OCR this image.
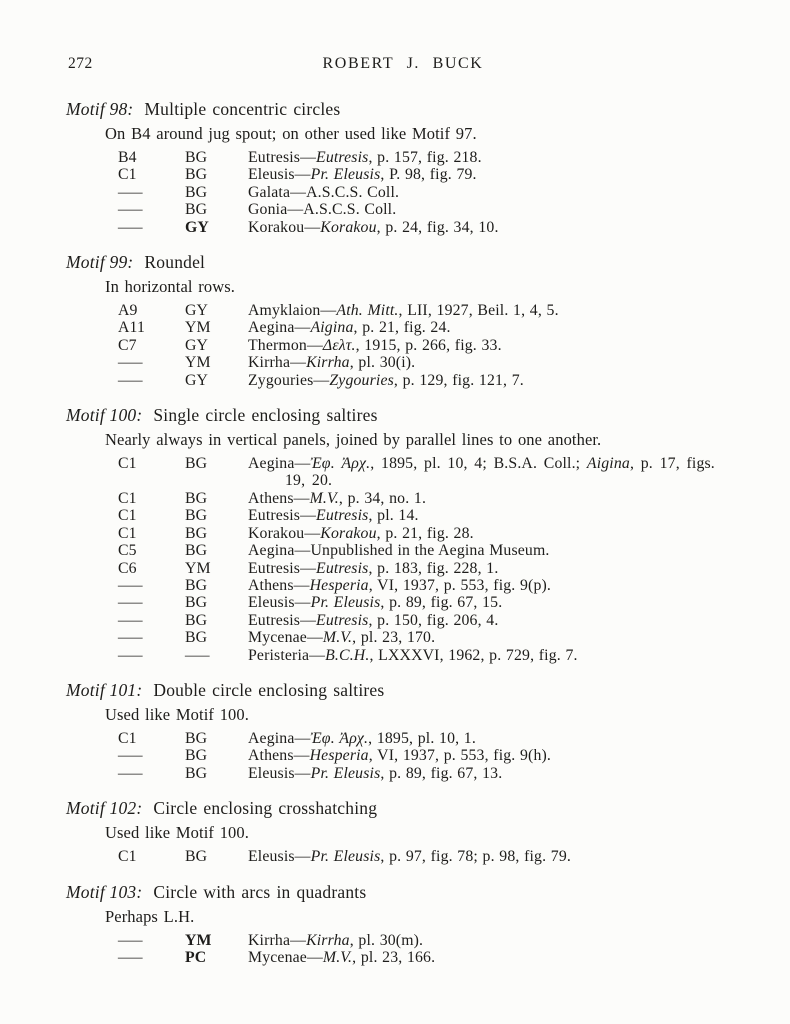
272	ROBERT J. BUCK
Motif 98: Multiple concentric circles
On B4 around jug spout; on other used like Motif 97.
B4	BG	Eutresis—Eutresis, p. 157, fig. 218.
C1	BG	Eleusis—Pr. Eleusis, P. 98, fig. 79.
—	BG	Galata—A.S.C.S. Coll.
—	BG	Gonia—A.S.C.S. Coll.
—	GY	Korakou—Korakou, p. 24, fig. 34, 10.
Motif 99: Roundel
In horizontal rows.
A9	GY	Amyklaion—Ath. Mitt., LII, 1927, Beil. 1, 4, 5.
A11	YM	Aegina—Aigina, p. 21, fig. 24.
C7	GY	Thermon—Δελτ., 1915, p. 266, fig. 33.
—	YM	Kirrha—Kirrha, pl. 30(i).
—	GY	Zygouries—Zygouries, p. 129, fig. 121, 7.
Motif 100: Single circle enclosing saltires
Nearly always in vertical panels, joined by parallel lines to one another.
C1	BG	Aegina—Ἐφ. Ἀρχ., 1895, pl. 10, 4; B.S.A. Coll.; Aigina, p. 17, figs.
19, 20.
C1	BG	Athens—M.V., p. 34, no. 1.
C1	BG	Eutresis—Eutresis, pl. 14.
C1	BG	Korakou—Korakou, p. 21, fig. 28.
C5	BG	Aegina—Unpublished in the Aegina Museum.
C6	YM	Eutresis—Eutresis, p. 183, fig. 228, 1.
—	BG	Athens—Hesperia, VI, 1937, p. 553, fig. 9(p).
—	BG	Eleusis—Pr. Eleusis, p. 89, fig. 67, 15.
—	BG	Eutresis—Eutresis, p. 150, fig. 206, 4.
—	BG	Mycenae—M.V., pl. 23, 170.
—	—	Peristeria—B.C.H., LXXXVI, 1962, p. 729, fig. 7.
Motif 101: Double circle enclosing saltires
Used like Motif 100.
C1	BG	Aegina—Ἐφ. Ἀρχ., 1895, pl. 10, 1.
—	BG	Athens—Hesperia, VI, 1937, p. 553, fig. 9(h).
—	BG	Eleusis—Pr. Eleusis, p. 89, fig. 67, 13.
Motif 102: Circle enclosing crosshatching
Used like Motif 100.
C1	BG	Eleusis—Pr. Eleusis, p. 97, fig. 78; p. 98, fig. 79.
Motif 103: Circle with arcs in quadrants
Perhaps L.H.
—	YM	Kirrha—Kirrha, pl. 30(m).
—	PC	Mycenae—M.V., pl. 23, 166.
